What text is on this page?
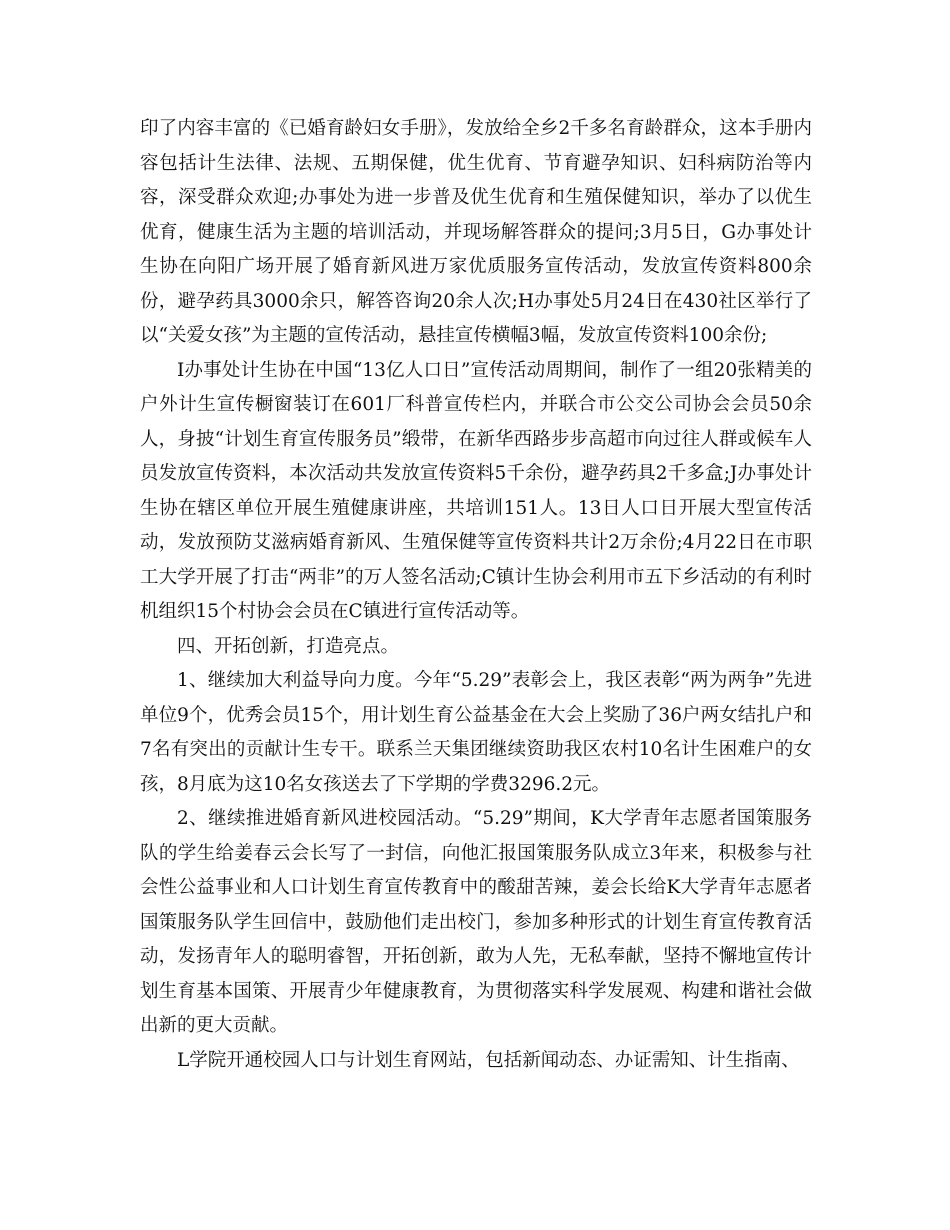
印了内容丰富的《已婚育龄妇女手册》，发放给全乡2千多名育龄群众，这本手册内容包括计生法律、法规、五期保健，优生优育、节育避孕知识、妇科病防治等内容，深受群众欢迎;办事处为进一步普及优生优育和生殖保健知识，举办了以优生优育，健康生活为主题的培训活动，并现场解答群众的提问;3月5日，G办事处计生协在向阳广场开展了婚育新风进万家优质服务宣传活动，发放宣传资料800余份，避孕药具3000余只，解答咨询20余人次;H办事处5月24日在430社区举行了以“关爱女孩”为主题的宣传活动，悬挂宣传横幅3幅，发放宣传资料100余份;

I办事处计生协在中国“13亿人口日”宣传活动周期间，制作了一组20张精美的户外计生宣传橱窗装订在601厂科普宣传栏内，并联合市公交公司协会会员50余人，身披“计划生育宣传服务员”缎带，在新华西路步步高超市向过往人群或候车人员发放宣传资料，本次活动共发放宣传资料5千余份，避孕药具2千多盒;J办事处计生协在辖区单位开展生殖健康讲座，共培训151人。13日人口日开展大型宣传活动，发放预防艾滋病婚育新风、生殖保健等宣传资料共计2万余份;4月22日在市职工大学开展了打击“两非”的万人签名活动;C镇计生协会利用市五下乡活动的有利时机组织15个村协会会员在C镇进行宣传活动等。

四、开拓创新，打造亮点。

1、继续加大利益导向力度。今年“5.29”表彰会上，我区表彰“两为两争”先进单位9个，优秀会员15个，用计划生育公益基金在大会上奖励了36户两女结扎户和7名有突出的贡献计生专干。联系兰天集团继续资助我区农村10名计生困难户的女孩，8月底为这10名女孩送去了下学期的学费3296.2元。

2、继续推进婚育新风进校园活动。“5.29”期间，K大学青年志愿者国策服务队的学生给姜春云会长写了一封信，向他汇报国策服务队成立3年来，积极参与社会性公益事业和人口计划生育宣传教育中的酸甜苦辣，姜会长给K大学青年志愿者国策服务队学生回信中，鼓励他们走出校门，参加多种形式的计划生育宣传教育活动，发扬青年人的聪明睿智，开拓创新，敢为人先，无私奉献，坚持不懈地宣传计划生育基本国策、开展青少年健康教育，为贯彻落实科学发展观、构建和谐社会做出新的更大贡献。

L学院开通校园人口与计划生育网站，包括新闻动态、办证需知、计生指南、
